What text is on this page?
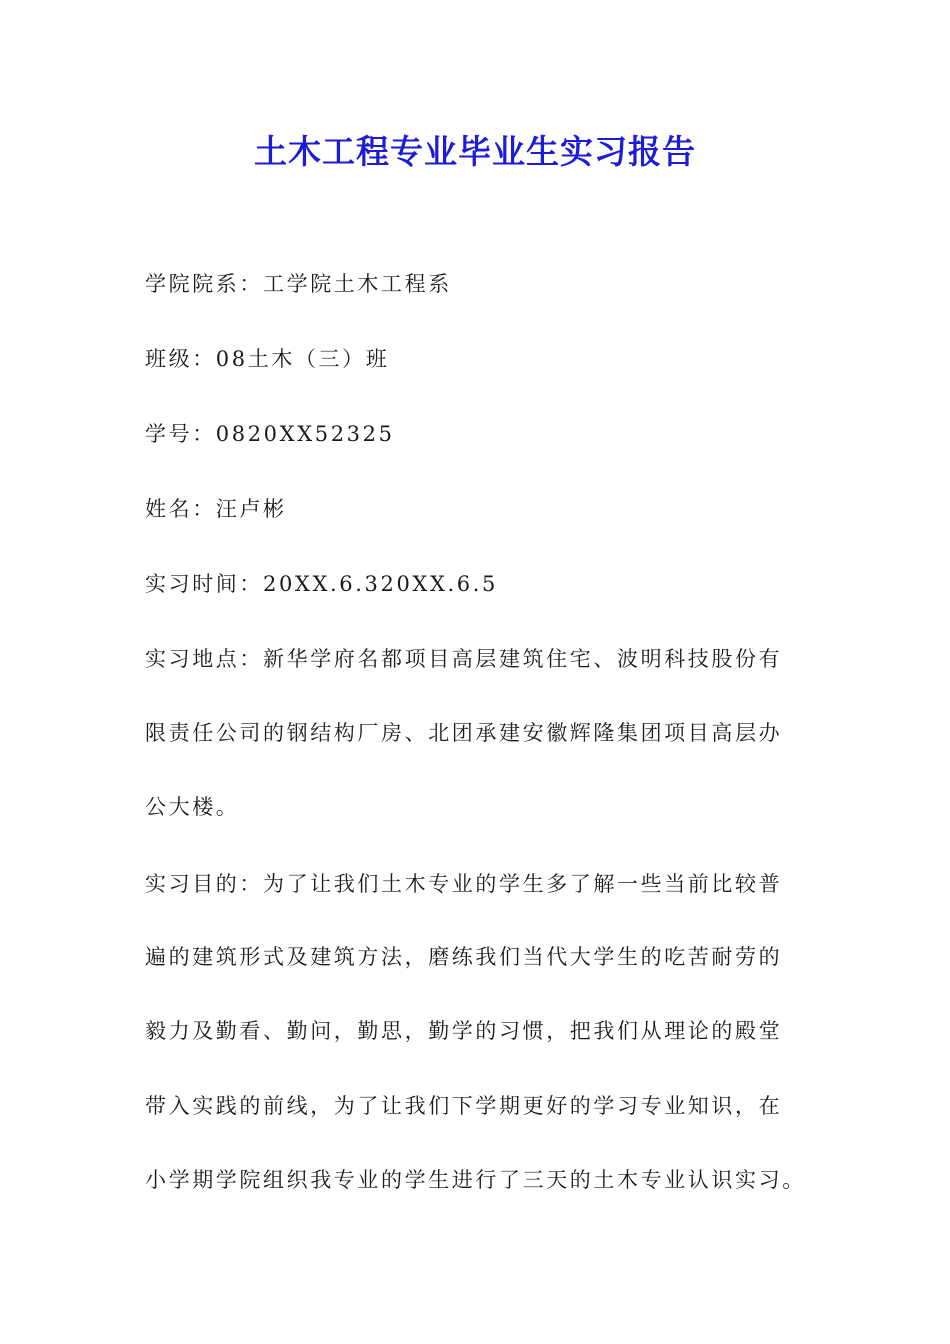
土木工程专业毕业生实习报告
学院院系：工学院土木工程系
班级：08土木（三）班
学号：0820XX52325
姓名：汪卢彬
实习时间：20XX.6.320XX.6.5
实习地点：新华学府名都项目高层建筑住宅、波明科技股份有
限责任公司的钢结构厂房、北团承建安徽辉隆集团项目高层办
公大楼。
实习目的：为了让我们土木专业的学生多了解一些当前比较普
遍的建筑形式及建筑方法，磨练我们当代大学生的吃苦耐劳的
毅力及勤看、勤问，勤思，勤学的习惯，把我们从理论的殿堂
带入实践的前线，为了让我们下学期更好的学习专业知识，在
小学期学院组织我专业的学生进行了三天的土木专业认识实习。
